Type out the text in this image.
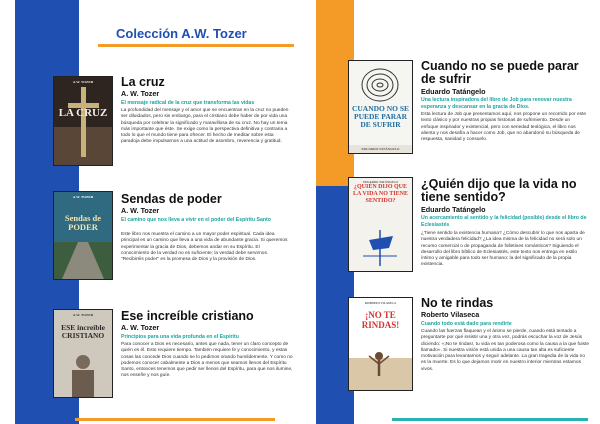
Colección A.W. Tozer
LA CRUZ
A.W. TOZER	La cruz
A. W. Tozer
El mensaje radical de la cruz que transforma las vidas
La profundidad del mensaje y el amor que se encuentran en la cruz no pueden ser diluidados, pero sin embargo, para el cristiano debe haber de por vida una búsqueda por celebrar la significado y maravillosa de su cruz. No hay un tema más importante que éste. Se exige como la perspectiva definitiva y contraria a todo lo que el mundo tiene para ofrecer. El hecho de meditar sobre esta paradoja debe impulsarnos a una actitud de asombro, reverencia y gratitud.
Sendas de PODER
A.W. TOZER	Sendas de poder
A. W. Tozer
El camino que nos lleva a vivir en el poder del Espíritu Santo
Este libro nos muestra el camino a un mayor poder espiritual. Cada idea principal es un camino que lleva a una vida de abundante gracia. Si queremos experimentar la gracia de Dios, debemos andar en su Espíritu. El conocimiento de la verdad no es suficiente; la verdad debe servirnos. "Recibiréis poder" es la promesa de Dios y la provisión de Dios.
ESE increíble CRISTIANO
A.W. TOZER	Ese increíble cristiano
A. W. Tozer
Principios para una vida profunda en el Espíritu
Para conocer a Dios es necesario, antes que nada, tener un claro concepto de quién es él. Esto requiere tiempo. También requiere fe y conocimiento, y estas cosas las concede Dios cuando se lo pedimos orando humildemente. Y como no podemos conocer cabalmente a Dios a menos que seamos llenos del Espíritu Santo, entonces tenemos que pedir ser llenos del Espíritu, para que nos ilumine, nos enseñe y nos guíe.
CUANDO NO SE PUEDE PARAR DE SUFRIR
EDUARDO TATÁNGELO
Cuando no se puede parar de sufrir
Eduardo Tatángelo
Una lectura inspiradora del libro de Job para renovar nuestra esperanza y descansar en la gracia de Dios.
Esta lectura de Job que presentamos aquí, nos propone un recorrido por este texto clásico y por nuestras propias historias de sufrimiento. Desde un enfoque inspirador y existencial, pero con seriedad teológica, el libro nos alienta y nos desafía a hacer como Job, que no abandonó su búsqueda de respuesta, sanidad y consuelo.
¿QUIÉN DIJO QUE LA VIDA NO TIENE SENTIDO?
EDUARDO TATÁNGELO	¿Quién dijo que la vida no tiene sentido?
Eduardo Tatángelo
Un acercamiento al sentido y la felicidad (posible) desde el libro de Eclesiastés
¿Tiene sentido la existencia humana? ¿Cómo descubrir lo que nos aparta de nuestra verdadera felicidad? ¿La idea misma de la felicidad no será solo un recurso comercial o de propaganda de folletines románticos? Siguiendo el desarrollo del libro bíblico de Eclesiastés, este texto nos entrega en estilo íntimo y amigable para todo ser humano: la del significado de la propia existencia.
¡NO TE RINDAS!
ROBERTO VILASECA	No te rindas
Roberto Vilaseca
Cuando todo está dado para rendirte
Cuando las fuerzas flaquean y el ánimo se pierde, cuando está tentado a preguntarte por qué insistir una y otra vez, podrás escuchar la voz de Jesús diciendo: «¡No te rindas!, tu vida es tan poderosa como la causa a la que fuiste llamado». Si nuestra visión está unida a una causa tan alta es suficiente motivación para levantarnos y seguir adelante. La gran tragedia de la vida no es la muerte. Es lo que dejamos morir en nuestro interior mientras estamos vivos.
